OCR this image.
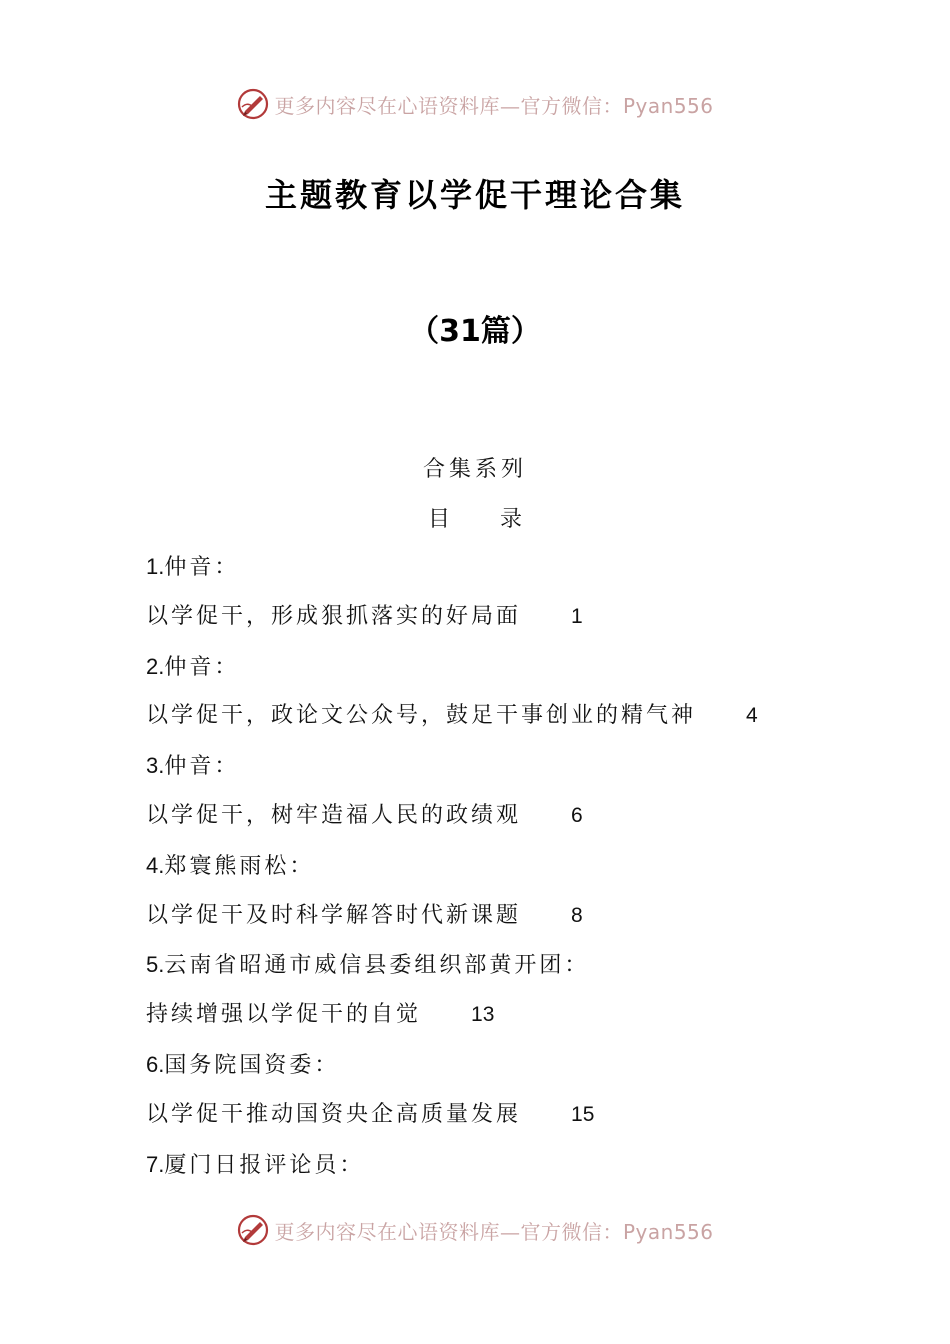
更多内容尽在心语资料库—官方微信：Pyan556
主题教育以学促干理论合集
（31篇）
合集系列
目 录
1.仲音：
以学促干，形成狠抓落实的好局面 1
2.仲音：
以学促干，政论文公众号，鼓足干事创业的精气神 4
3.仲音：
以学促干，树牢造福人民的政绩观 6
4.郑寰熊雨松：
以学促干及时科学解答时代新课题 8
5.云南省昭通市威信县委组织部黄开团：
持续增强以学促干的自觉 13
6.国务院国资委：
以学促干推动国资央企高质量发展 15
7.厦门日报评论员：
更多内容尽在心语资料库—官方微信：Pyan556
